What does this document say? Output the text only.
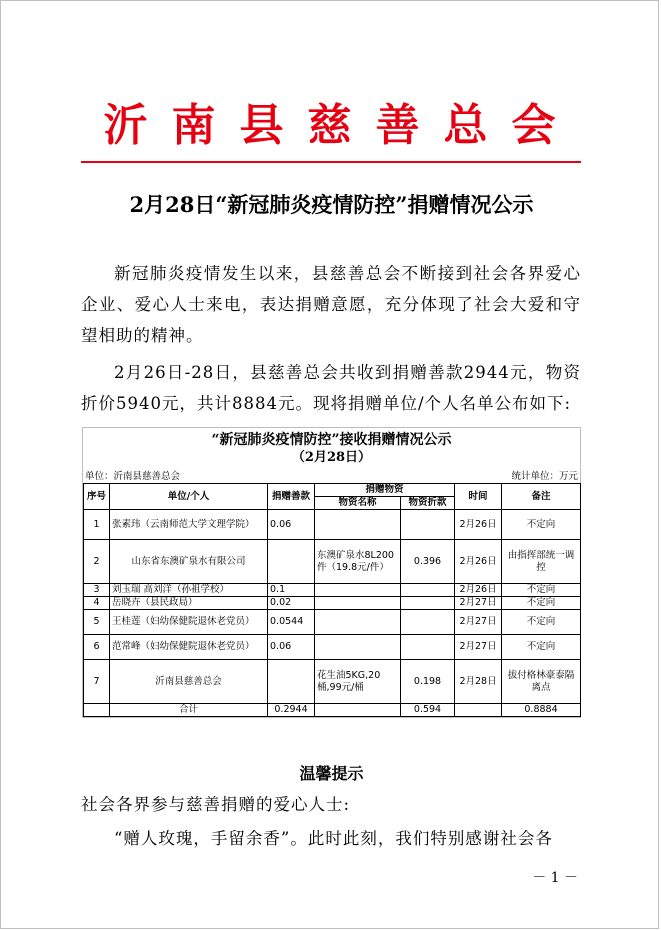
沂南县慈善总会
2月28日“新冠肺炎疫情防控”捐赠情况公示
新冠肺炎疫情发生以来，县慈善总会不断接到社会各界爱心企业、爱心人士来电，表达捐赠意愿，充分体现了社会大爱和守望相助的精神。
2月26日-28日，县慈善总会共收到捐赠善款2944元，物资折价5940元，共计8884元。现将捐赠单位/个人名单公布如下:
“新冠肺炎疫情防控”接收捐赠情况公示
（2月28日）
单位：沂南县慈善总会	统计单位：万元
序号	单位/个人	捐赠善款	捐赠物资		时间	备注
			物资名称	物资折款		
1	张素玮（云南师范大学文理学院）	0.06			2月26日	不定向
2	山东省东澳矿泉水有限公司		东澳矿泉水8L200件（19.8元/件）	0.396	2月26日	由指挥部统一调控
3	刘玉瑞 高刘洋（孙祖学校）	0.1			2月26日	不定向
4	岳晓卉（县民政局）	0.02			2月27日	不定向
5	王桂莲（妇幼保健院退休老党员）	0.0544			2月27日	不定向
6	范常峰（妇幼保健院退休老党员）	0.06			2月27日	不定向
7	沂南县慈善总会		花生油5KG,20桶,99元/桶	0.198	2月28日	拔付格林豪泰隔离点
	合计	0.2944		0.594		0.8884
温馨提示
社会各界参与慈善捐赠的爱心人士:
“赠人玫瑰，手留余香”。此时此刻，我们特别感谢社会各
－ 1 －
